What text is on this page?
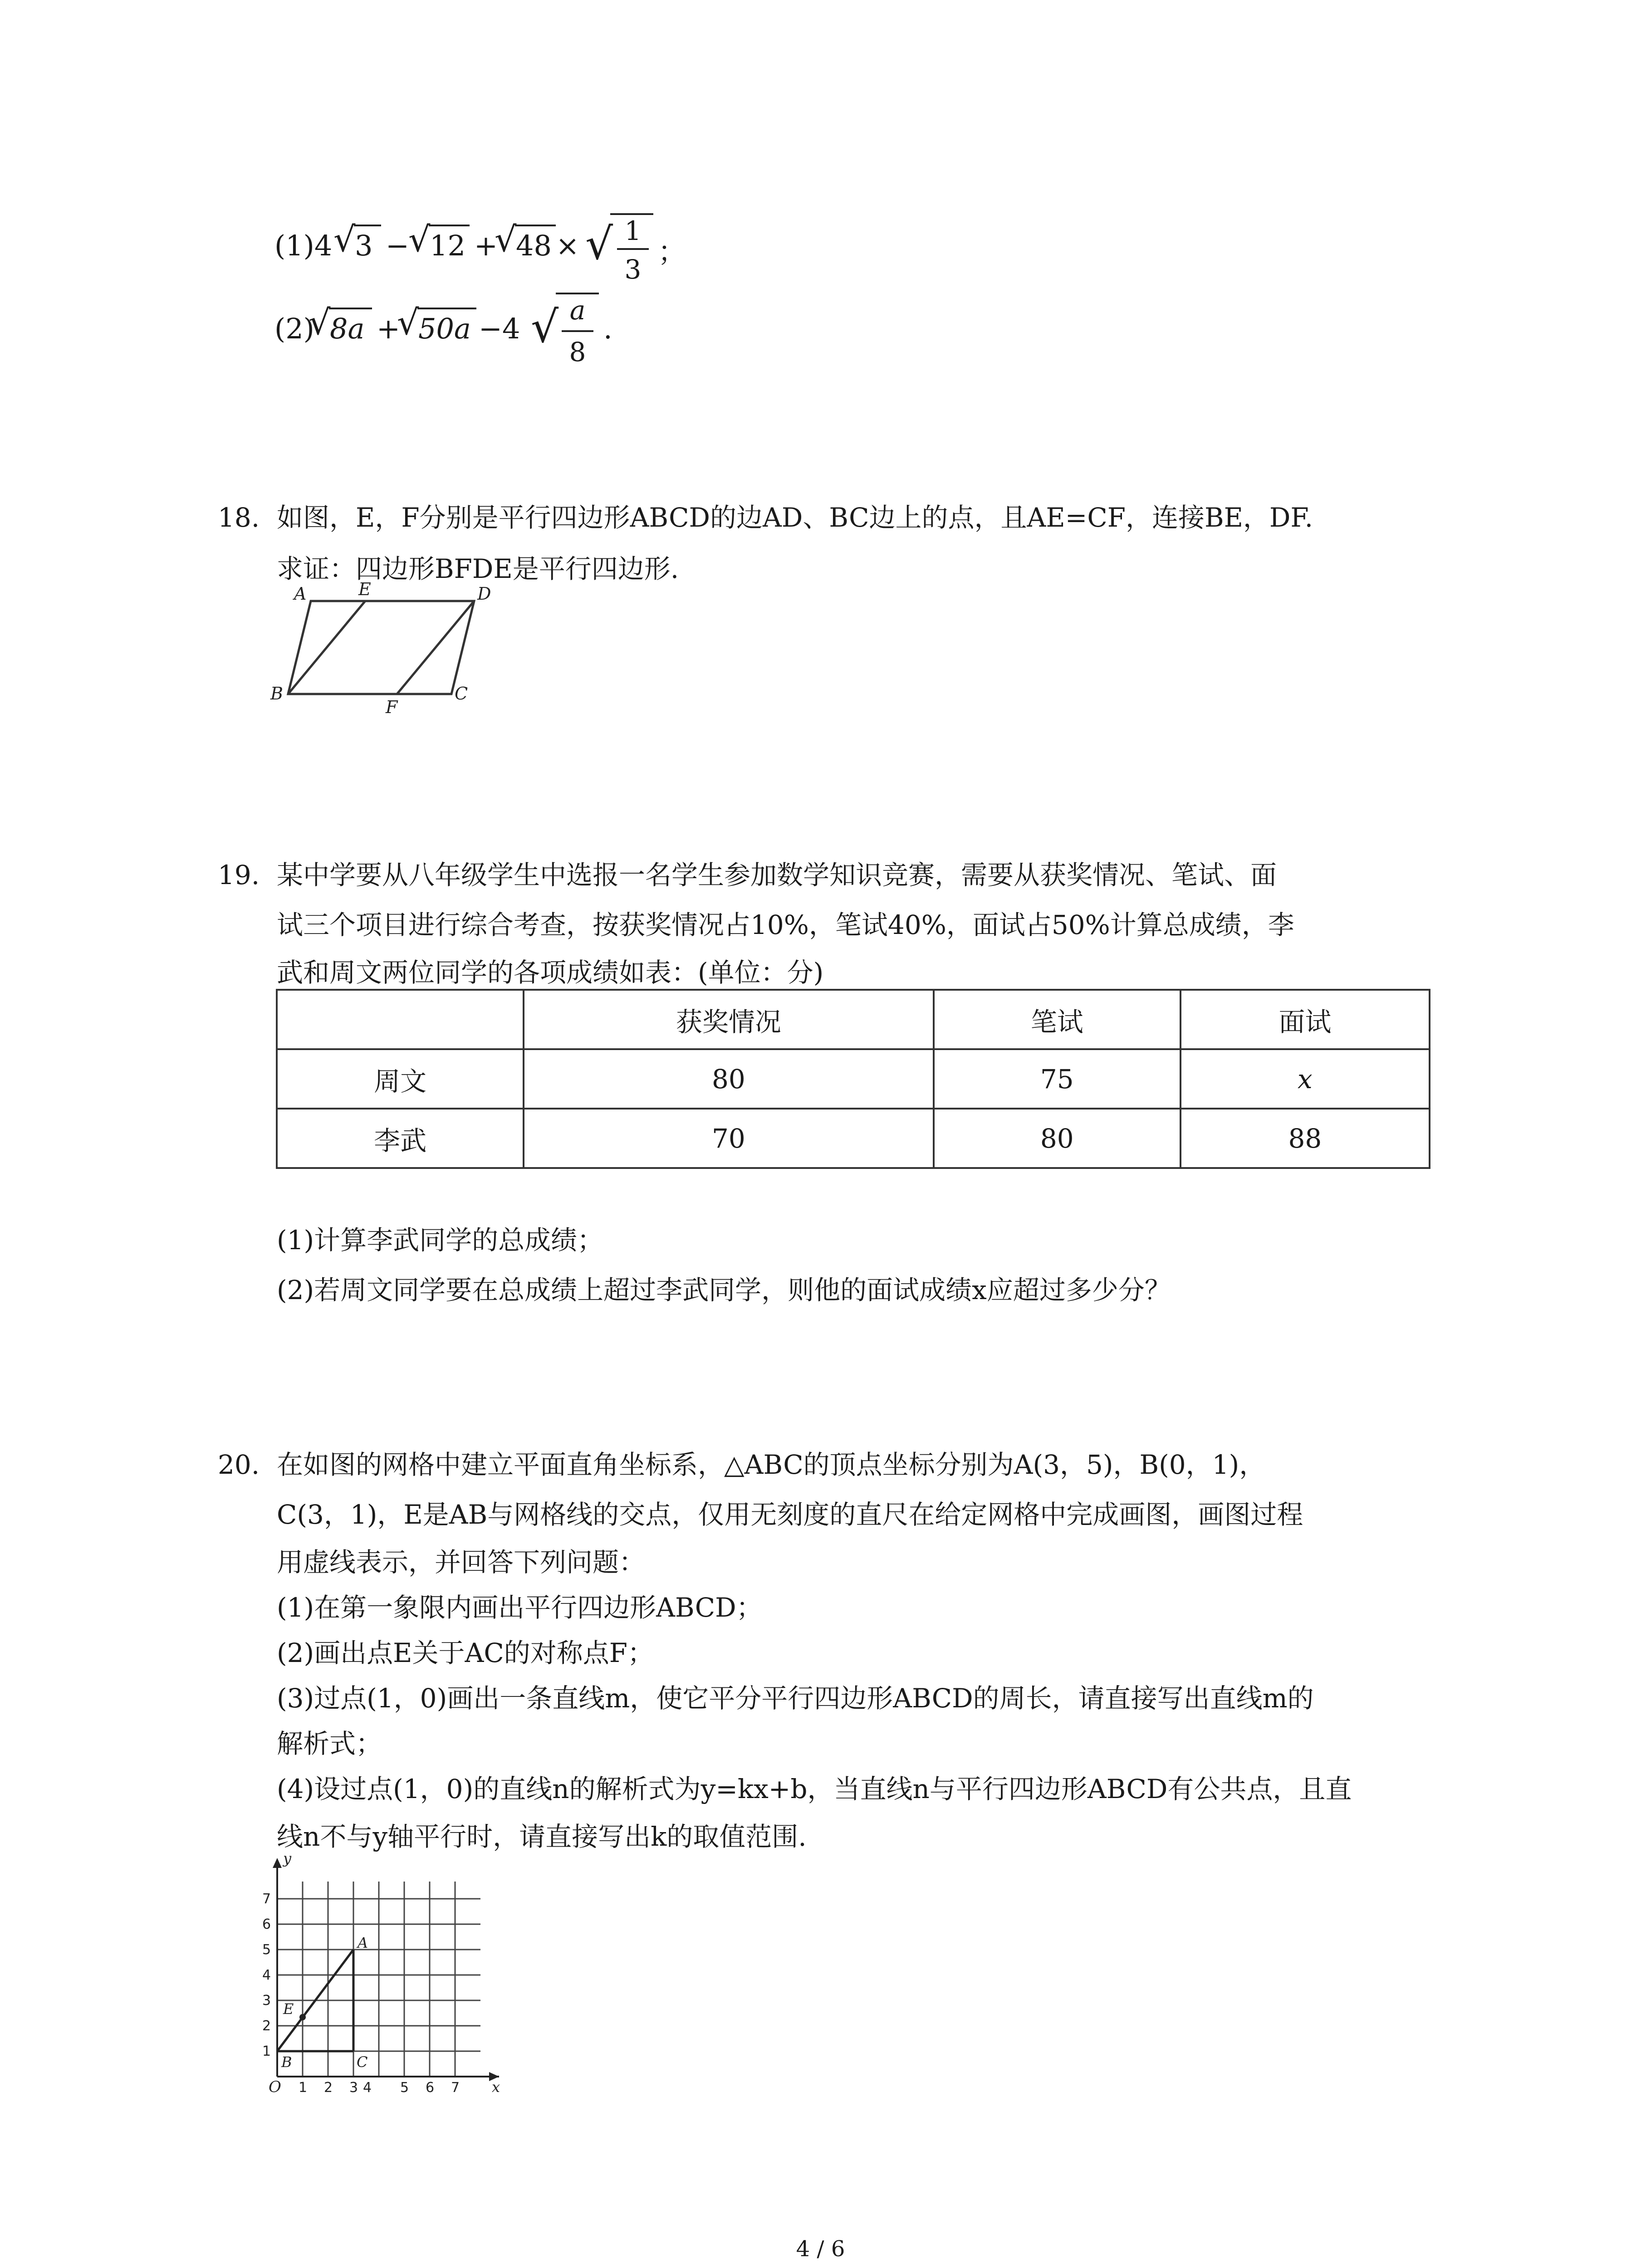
(1)4 √
3 −
√
12 +
√
48 × √ 1
3
；
(2)
√
8a +
√
50a −4 √ a
8
.
18. 如图，E，F分别是平行四边形ABCD的边AD、BC边上的点，且AE=CF，连接BE，DF.
求证：四边形BFDE是平行四边形.
A	E	D
B
F
C
19. 某中学要从八年级学生中选报一名学生参加数学知识竞赛，需要从获奖情况、笔试、面
试三个项目进行综合考查，按获奖情况占10%，笔试40%，面试占50%计算总成绩，李
武和周文两位同学的各项成绩如表：(单位：分)
	获奖情况	笔试	面试
周文	80	75	x
李武	70	80	88
(1)计算李武同学的总成绩；
(2)若周文同学要在总成绩上超过李武同学，则他的面试成绩x应超过多少分？
20. 在如图的网格中建立平面直角坐标系，△ABC的顶点坐标分别为A(3，5)，B(0，1)，
C(3，1)，E是AB与网格线的交点，仅用无刻度的直尺在给定网格中完成画图，画图过程
用虚线表示，并回答下列问题：
(1)在第一象限内画出平行四边形ABCD；
(2)画出点E关于AC的对称点F；
(3)过点(1，0)画出一条直线m，使它平分平行四边形ABCD的周长，请直接写出直线m的
解析式；
(4)设过点(1，0)的直线n的解析式为y=kx+b，当直线n与平行四边形ABCD有公共点，且直
线n不与y轴平行时，请直接写出k的取值范围.
y
x
O 1 2 3 4 5 6 7
1
2
3
4
5
6
7
A
B	C
E
4 / 6
